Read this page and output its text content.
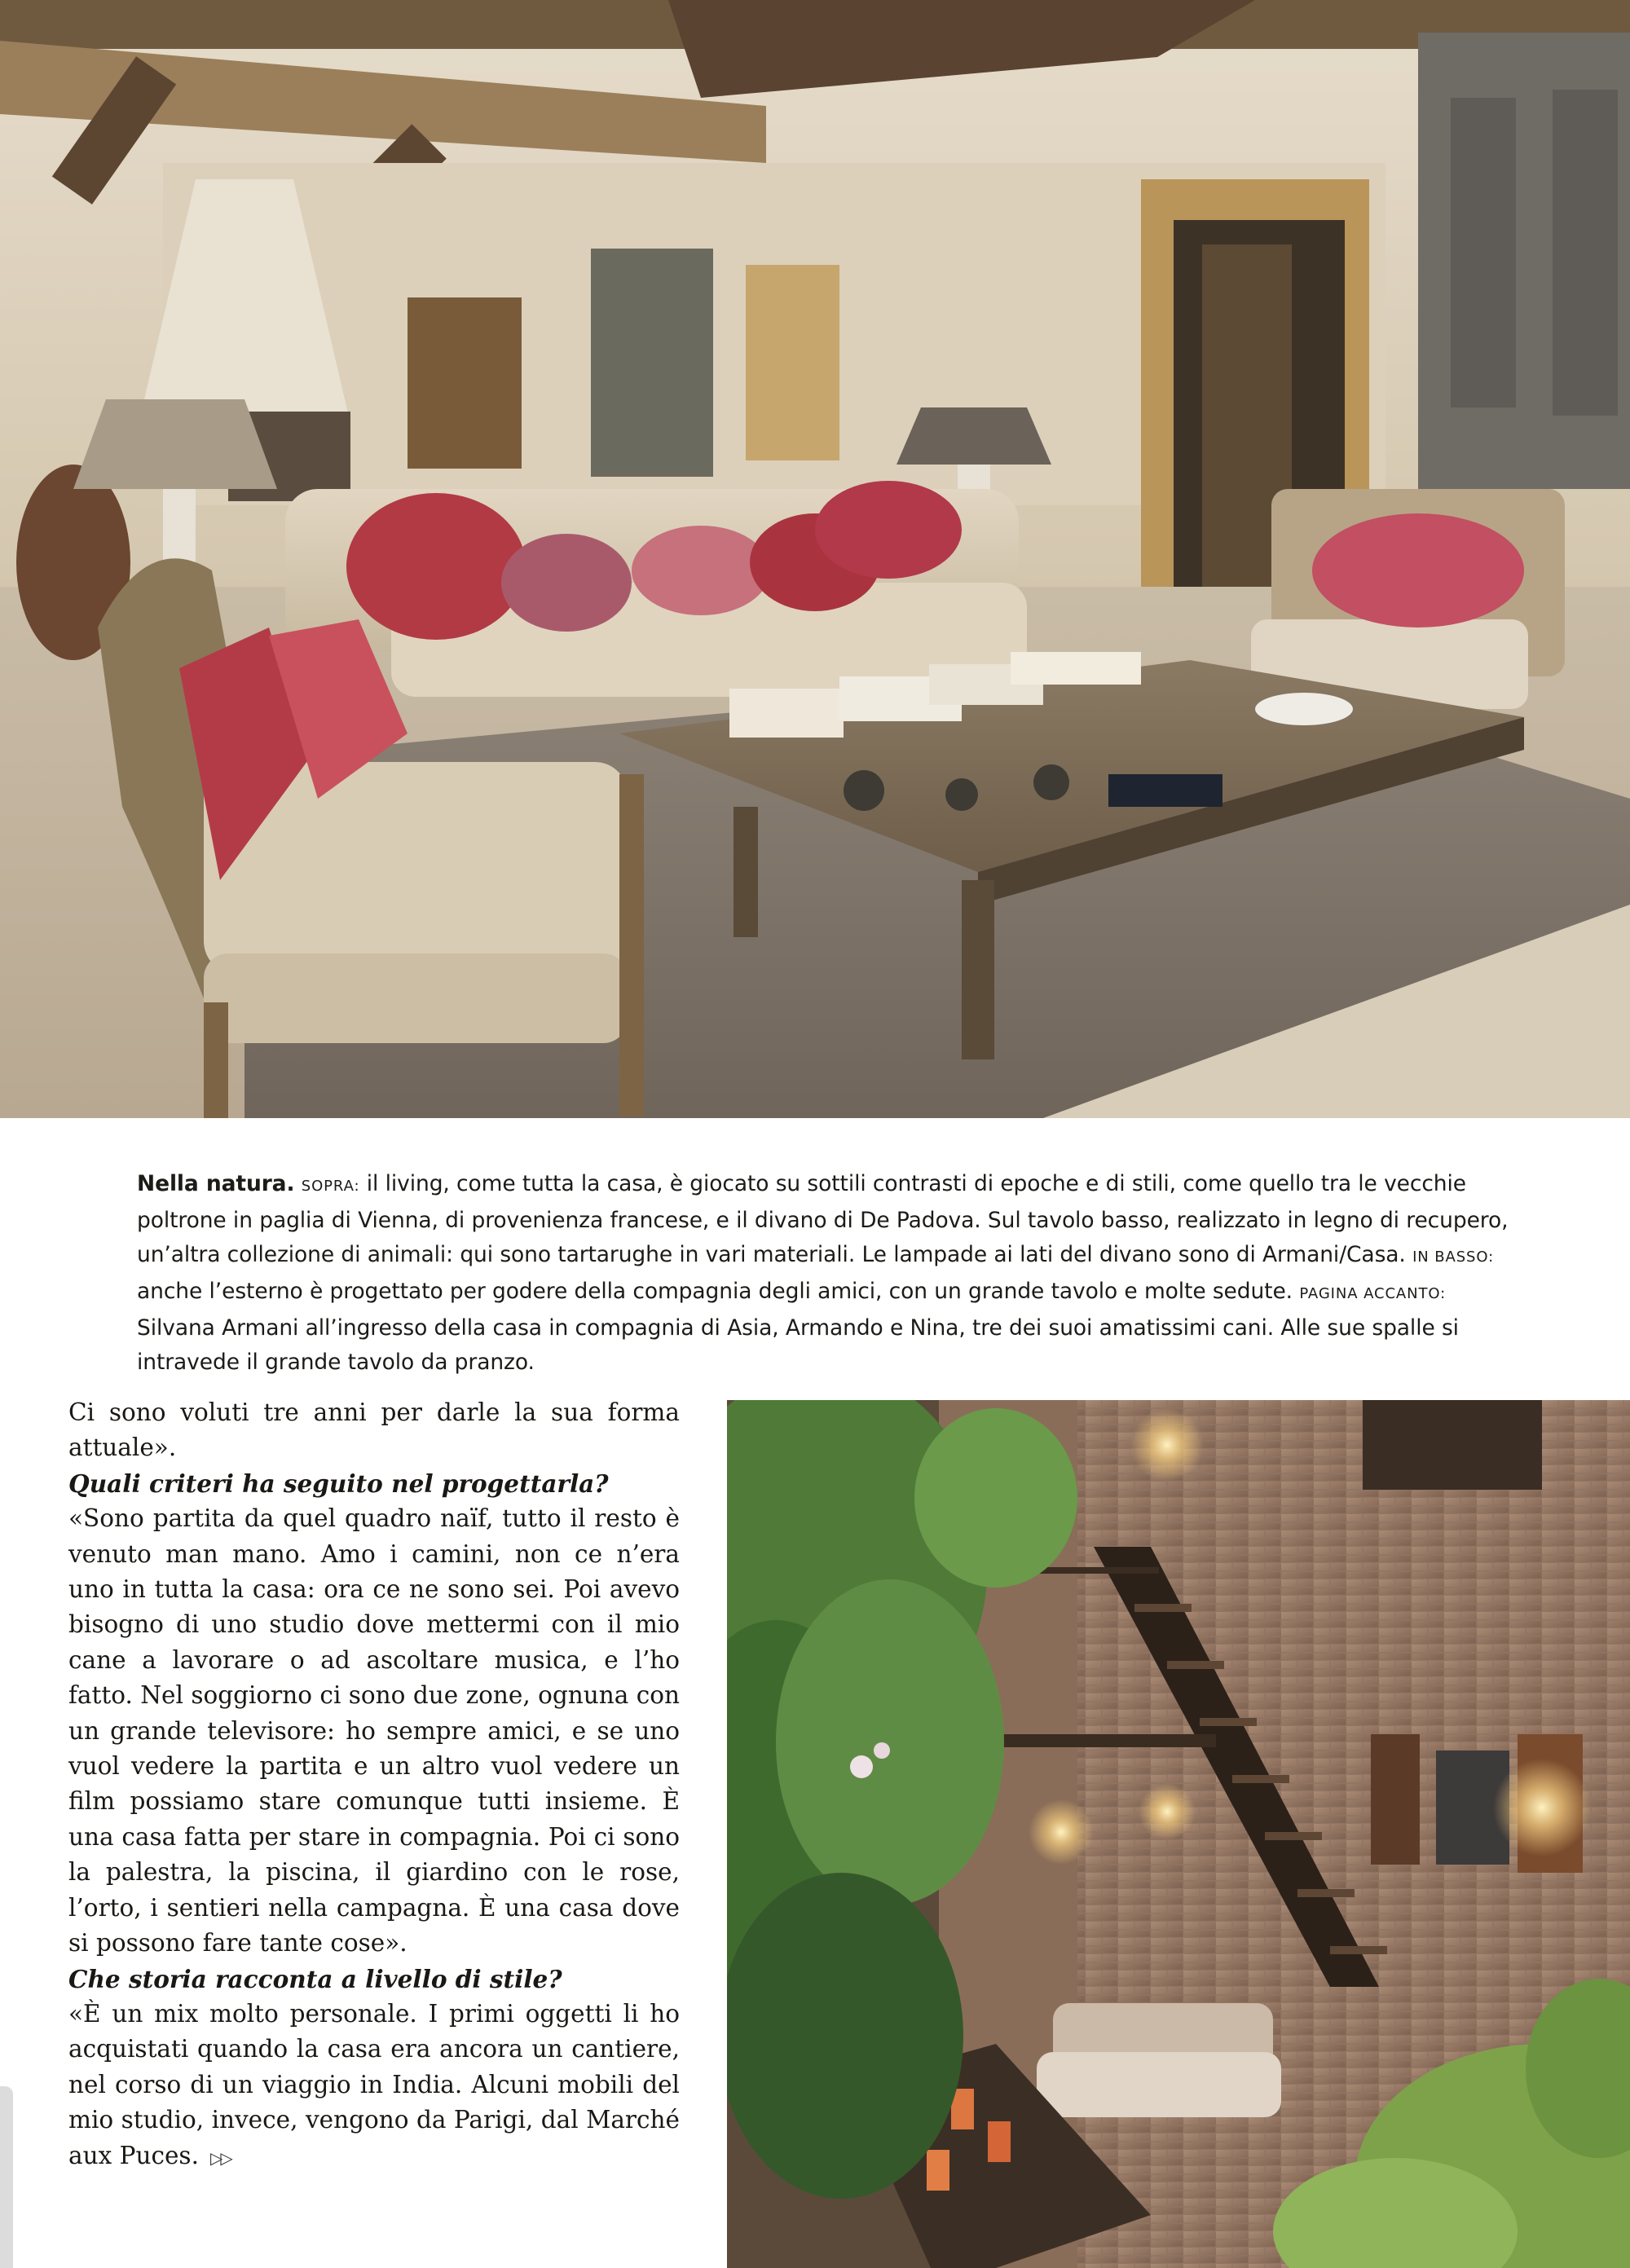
Nella natura. SOPRA: il living, come tutta la casa, è giocato su sottili contrasti di epoche e di stili, come quello tra le vecchie poltrone in paglia di Vienna, di provenienza francese, e il divano di De Padova. Sul tavolo basso, realizzato in legno di recupero, un’altra collezione di animali: qui sono tartarughe in vari materiali. Le lampade ai lati del divano sono di Armani/Casa. IN BASSO: anche l’esterno è progettato per godere della compagnia degli amici, con un grande tavolo e molte sedute. PAGINA ACCANTO: Silvana Armani all’ingresso della casa in compagnia di Asia, Armando e Nina, tre dei suoi amatissimi cani. Alle sue spalle si intravede il grande tavolo da pranzo.

Ci sono voluti tre anni per darle la sua forma attuale».

Quali criteri ha seguito nel progettarla?

«Sono partita da quel quadro naïf, tutto il resto è venuto man mano. Amo i camini, non ce n’era uno in tutta la casa: ora ce ne sono sei. Poi avevo bisogno di uno studio dove mettermi con il mio cane a lavorare o ad ascoltare musica, e l’ho fatto. Nel soggiorno ci sono due zone, ognuna con un grande televisore: ho sempre amici, e se uno vuol vedere la partita e un altro vuol vedere un film possiamo stare comunque tutti insieme. È una casa fatta per stare in compagnia. Poi ci sono la palestra, la piscina, il giardino con le rose, l’orto, i sentieri nella campagna. È una casa dove si possono fare tante cose».

Che storia racconta a livello di stile?

«È un mix molto personale. I primi oggetti li ho acquistati quando la casa era ancora un cantiere, nel corso di un viaggio in India. Alcuni mobili del mio studio, invece, vengono da Parigi, dal Marché aux Puces. ▷▷
